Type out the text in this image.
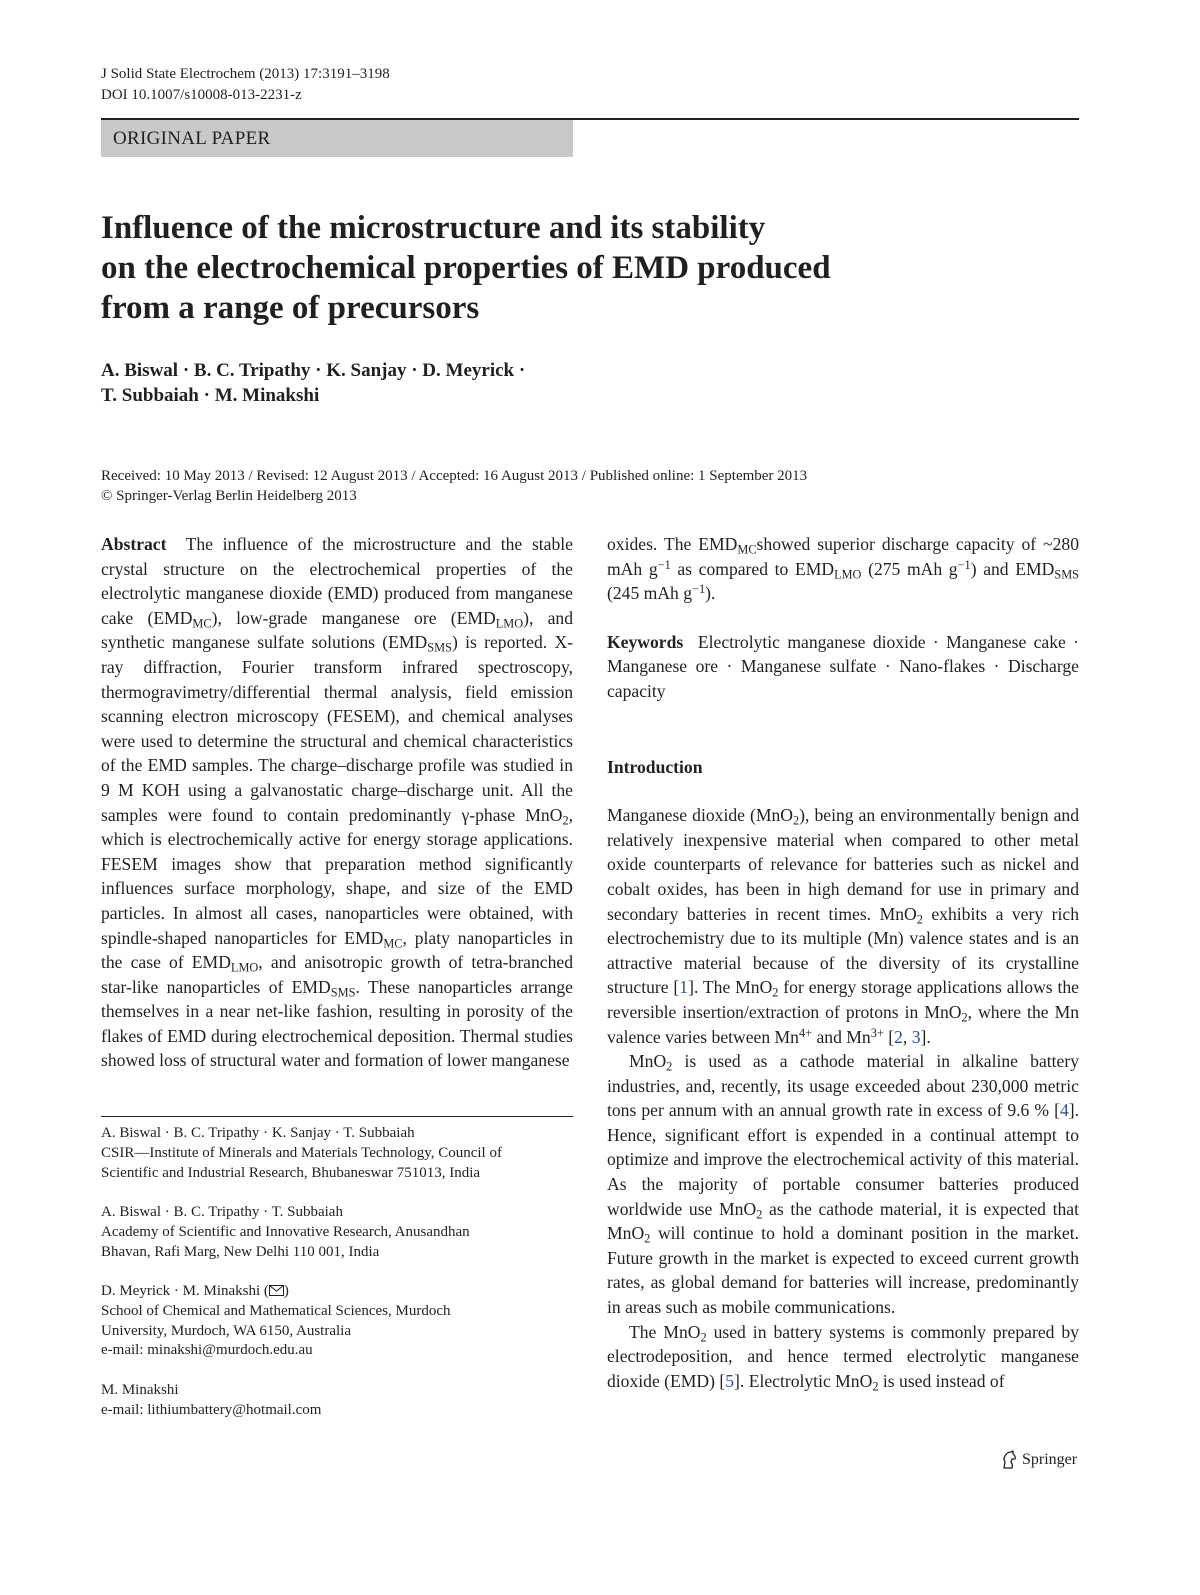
J Solid State Electrochem (2013) 17:3191–3198
DOI 10.1007/s10008-013-2231-z
ORIGINAL PAPER
Influence of the microstructure and its stability
on the electrochemical properties of EMD produced
from a range of precursors
A. Biswal · B. C. Tripathy · K. Sanjay · D. Meyrick ·
T. Subbaiah · M. Minakshi
Received: 10 May 2013 / Revised: 12 August 2013 / Accepted: 16 August 2013 / Published online: 1 September 2013
© Springer-Verlag Berlin Heidelberg 2013

Abstract The influence of the microstructure and the stable crystal structure on the electrochemical properties of the electrolytic manganese dioxide (EMD) produced from manganese cake $(EMD_{MC})$, low-grade manganese ore $(EMD_{LMO})$, and synthetic manganese sulfate solutions $(EMD_{SMS})$ is reported. X-ray diffraction, Fourier transform infrared spectroscopy, thermogravimetry/differential thermal analysis, field emission scanning electron microscopy (FESEM), and chemical analyses were used to determine the structural and chemical characteristics of the EMD samples. The charge–discharge profile was studied in 9 M KOH using a galvanostatic charge–discharge unit. All the samples were found to contain predominantly γ-phase MnO$_2$, which is electrochemically active for energy storage applications. FESEM images show that preparation method significantly influences surface morphology, shape, and size of the EMD particles. In almost all cases, nanoparticles were obtained, with spindle-shaped nanoparticles for $EMD_{MC}$, platy nanoparticles in the case of $EMD_{LMO}$, and anisotropic growth of tetra-branched star-like nanoparticles of $EMD_{SMS}$. These nanoparticles arrange themselves in a near net-like fashion, resulting in porosity of the flakes of EMD during electrochemical deposition. Thermal studies showed loss of structural water and formation of lower manganese

A. Biswal · B. C. Tripathy · K. Sanjay · T. Subbaiah
CSIR—Institute of Minerals and Materials Technology, Council of
Scientific and Industrial Research, Bhubaneswar 751013, India
A. Biswal · B. C. Tripathy · T. Subbaiah
Academy of Scientific and Innovative Research, Anusandhan
Bhavan, Rafi Marg, New Delhi 110 001, India
D. Meyrick · M. Minakshi ( )
School of Chemical and Mathematical Sciences, Murdoch
University, Murdoch, WA 6150, Australia
e-mail: minakshi@murdoch.edu.au
M. Minakshi
e-mail: lithiumbattery@hotmail.com

oxides. The $EMD_{MC}showed$ superior discharge capacity of ~280 mAh $g^{-1}$ as compared to $EMD_{LMO}$ (275 mAh $g^{-1}$) and $EMD_{SMS}$ (245 mAh $g^{-1}$).

Keywords Electrolytic manganese dioxide · Manganese cake · Manganese ore · Manganese sulfate · Nano-flakes · Discharge capacity

Introduction

Manganese dioxide (MnO$_2$), being an environmentally benign and relatively inexpensive material when compared to other metal oxide counterparts of relevance for batteries such as nickel and cobalt oxides, has been in high demand for use in primary and secondary batteries in recent times. MnO$_2$ exhibits a very rich electrochemistry due to its multiple (Mn) valence states and is an attractive material because of the diversity of its crystalline structure [1]. The MnO$_2$ for energy storage applications allows the reversible insertion/extraction of protons in MnO$_2$, where the Mn valence varies between $Mn^{4+}$ and $Mn^{3+}$ [2, 3].

MnO$_2$ is used as a cathode material in alkaline battery industries, and, recently, its usage exceeded about 230,000 metric tons per annum with an annual growth rate in excess of 9.6 % [4]. Hence, significant effort is expended in a continual attempt to optimize and improve the electrochemical activity of this material. As the majority of portable consumer batteries produced worldwide use MnO$_2$ as the cathode material, it is expected that MnO$_2$ will continue to hold a dominant position in the market. Future growth in the market is expected to exceed current growth rates, as global demand for batteries will increase, predominantly in areas such as mobile communications.

The MnO$_2$ used in battery systems is commonly prepared by electrodeposition, and hence termed electrolytic manganese dioxide (EMD) [5]. Electrolytic MnO$_2$ is used instead of

Springer
